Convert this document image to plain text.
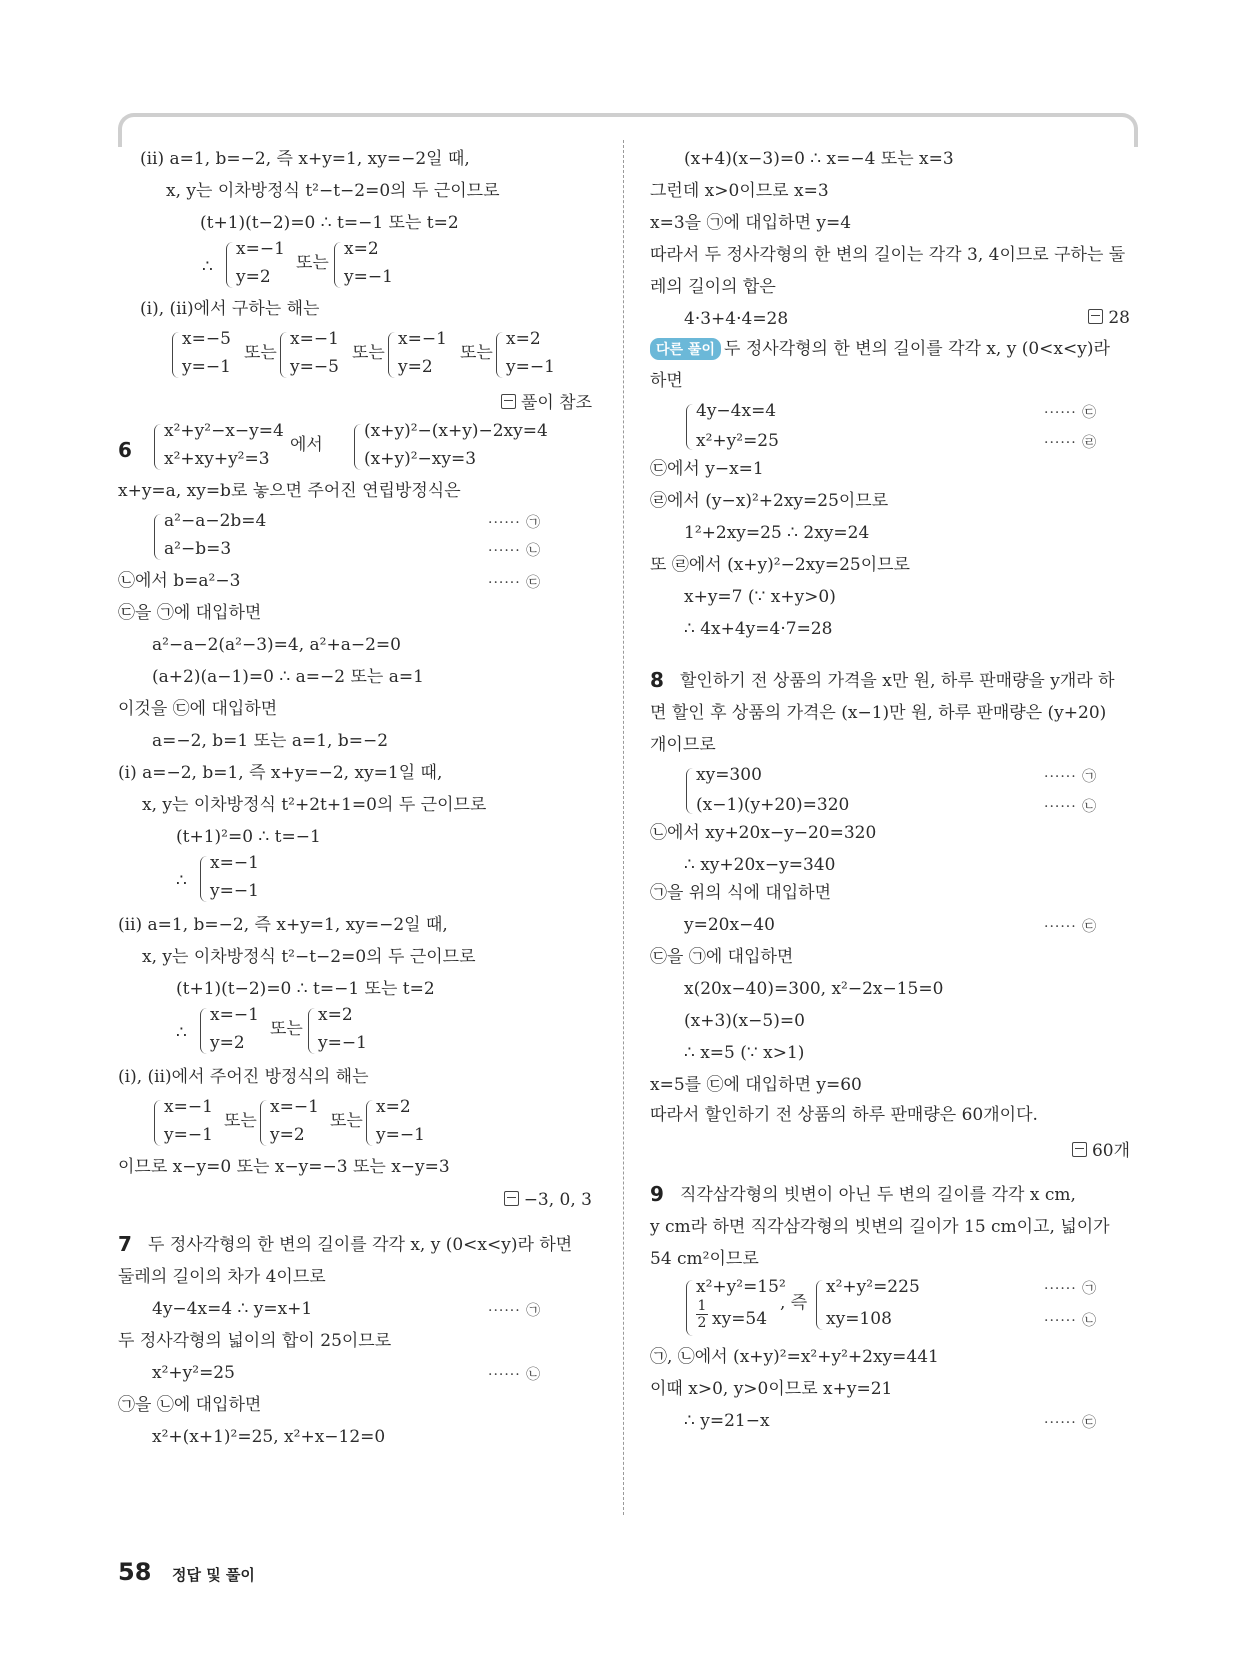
(ⅱ) a=1, b=−2, 즉 x+y=1, xy=−2일 때,
x, y는 이차방정식 t²−t−2=0의 두 근이므로
(t+1)(t−2)=0 ∴ t=−1 또는 t=2
∴
x=−1
y=2
또는
x=2
y=−1
(ⅰ), (ⅱ)에서 구하는 해는
x=−5
y=−1
또는
x=−1
y=−5
또는
x=−1
y=2
또는
x=2
y=−1
풀이 참조
6
x²+y²−x−y=4
x²+xy+y²=3
에서
(x+y)²−(x+y)−2xy=4
(x+y)²−xy=3
x+y=a, xy=b로 놓으면 주어진 연립방정식은
a²−a−2b=4	······ ㉠
a²−b=3	······ ㉡
㉡에서 b=a²−3	······ ㉢
㉢을 ㉠에 대입하면
a²−a−2(a²−3)=4, a²+a−2=0
(a+2)(a−1)=0 ∴ a=−2 또는 a=1
이것을 ㉢에 대입하면
a=−2, b=1 또는 a=1, b=−2
(ⅰ) a=−2, b=1, 즉 x+y=−2, xy=1일 때,
x, y는 이차방정식 t²+2t+1=0의 두 근이므로
(t+1)²=0 ∴ t=−1
∴
x=−1
y=−1
(ⅱ) a=1, b=−2, 즉 x+y=1, xy=−2일 때,
x, y는 이차방정식 t²−t−2=0의 두 근이므로
(t+1)(t−2)=0 ∴ t=−1 또는 t=2
∴
x=−1
y=2
또는
x=2
y=−1
(ⅰ), (ⅱ)에서 주어진 방정식의 해는
x=−1
y=−1
또는
x=−1
y=2
또는
x=2
y=−1
이므로 x−y=0 또는 x−y=−3 또는 x−y=3
−3, 0, 3
7 두 정사각형의 한 변의 길이를 각각 x, y (0<x<y)라 하면
둘레의 길이의 차가 4이므로
4y−4x=4 ∴ y=x+1	······ ㉠
두 정사각형의 넓이의 합이 25이므로
x²+y²=25	······ ㉡
㉠을 ㉡에 대입하면
x²+(x+1)²=25, x²+x−12=0
(x+4)(x−3)=0 ∴ x=−4 또는 x=3
그런데 x>0이므로 x=3
x=3을 ㉠에 대입하면 y=4
따라서 두 정사각형의 한 변의 길이는 각각 3, 4이므로 구하는 둘
레의 길이의 합은
4·3+4·4=28	28
다른 풀이 두 정사각형의 한 변의 길이를 각각 x, y (0<x<y)라
하면
4y−4x=4	······ ㉢
x²+y²=25	······ ㉣
㉢에서 y−x=1
㉣에서 (y−x)²+2xy=25이므로
1²+2xy=25 ∴ 2xy=24
또 ㉣에서 (x+y)²−2xy=25이므로
x+y=7 (∵ x+y>0)
∴ 4x+4y=4·7=28
8 할인하기 전 상품의 가격을 x만 원, 하루 판매량을 y개라 하
면 할인 후 상품의 가격은 (x−1)만 원, 하루 판매량은 (y+20)
개이므로
xy=300	······ ㉠
(x−1)(y+20)=320	······ ㉡
㉡에서 xy+20x−y−20=320
∴ xy+20x−y=340
㉠을 위의 식에 대입하면
y=20x−40	······ ㉢
㉢을 ㉠에 대입하면
x(20x−40)=300, x²−2x−15=0
(x+3)(x−5)=0
∴ x=5 (∵ x>1)
x=5를 ㉢에 대입하면 y=60
따라서 할인하기 전 상품의 하루 판매량은 60개이다.
60개
9 직각삼각형의 빗변이 아닌 두 변의 길이를 각각 x cm,
y cm라 하면 직각삼각형의 빗변의 길이가 15 cm이고, 넓이가
54 cm²이므로
x²+y²=15²
$\frac{1}{2} xy=54$
, 즉
x²+y²=225	······ ㉠
xy=108	······ ㉡
㉠, ㉡에서 (x+y)²=x²+y²+2xy=441
이때 x>0, y>0이므로 x+y=21
∴ y=21−x	······ ㉢
58 정답 및 풀이
